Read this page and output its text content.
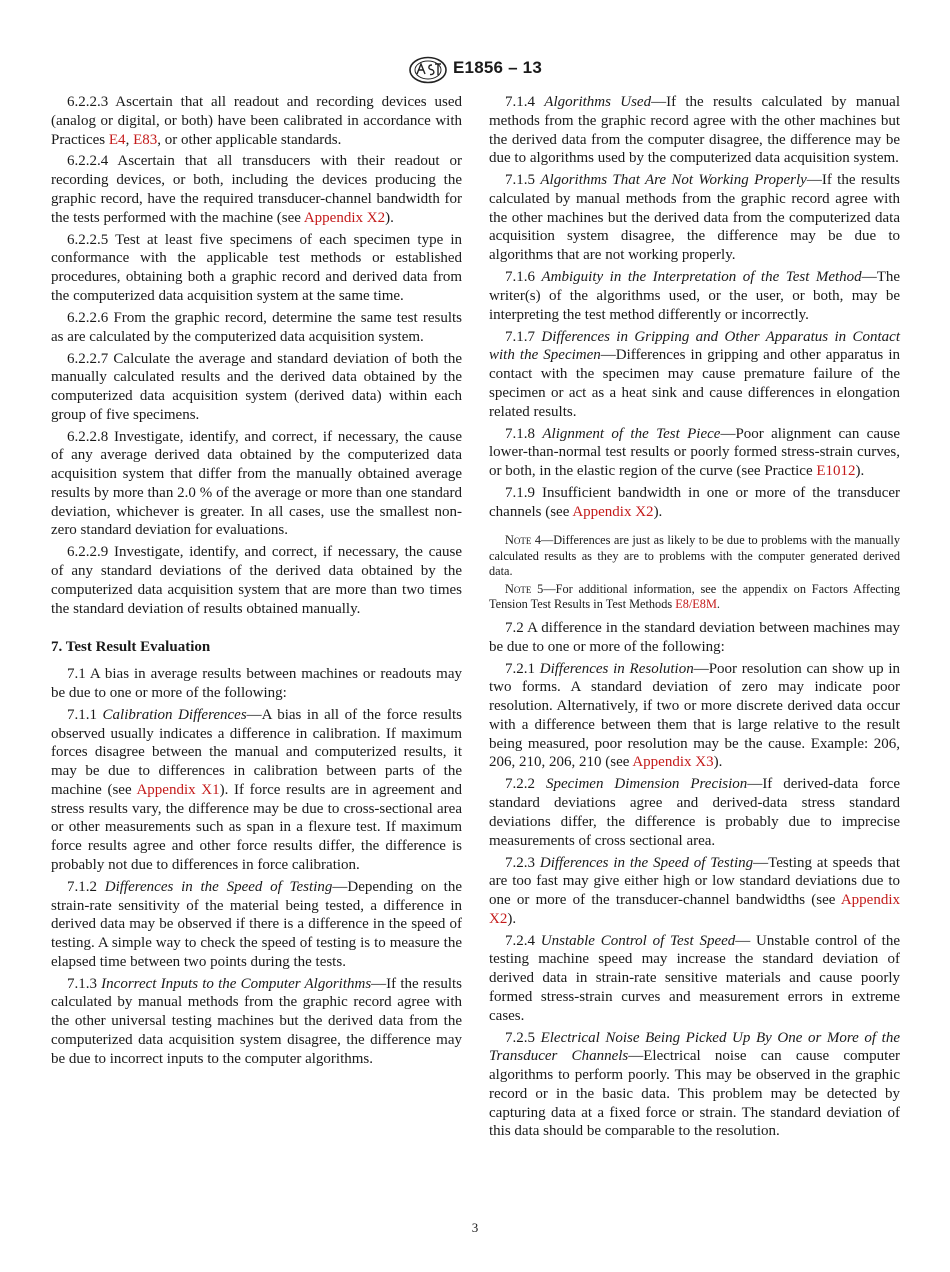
E1856 – 13

6.2.2.3 Ascertain that all readout and recording devices used (analog or digital, or both) have been calibrated in accordance with Practices E4, E83, or other applicable standards.

6.2.2.4 Ascertain that all transducers with their readout or recording devices, or both, including the devices producing the graphic record, have the required transducer-channel bandwidth for the tests performed with the machine (see Appendix X2).

6.2.2.5 Test at least five specimens of each specimen type in conformance with the applicable test methods or established procedures, obtaining both a graphic record and derived data from the computerized data acquisition system at the same time.

6.2.2.6 From the graphic record, determine the same test results as are calculated by the computerized data acquisition system.

6.2.2.7 Calculate the average and standard deviation of both the manually calculated results and the derived data obtained by the computerized data acquisition system (derived data) within each group of five specimens.

6.2.2.8 Investigate, identify, and correct, if necessary, the cause of any average derived data obtained by the computerized data acquisition system that differ from the manually obtained average results by more than 2.0 % of the average or more than one standard deviation, whichever is greater. In all cases, use the smallest non-zero standard deviation for evaluations.

6.2.2.9 Investigate, identify, and correct, if necessary, the cause of any standard deviations of the derived data obtained by the computerized data acquisition system that are more than two times the standard deviation of results obtained manually.

7. Test Result Evaluation

7.1 A bias in average results between machines or readouts may be due to one or more of the following:

7.1.1 Calibration Differences—A bias in all of the force results observed usually indicates a difference in calibration. If maximum forces disagree between the manual and computerized results, it may be due to differences in calibration between parts of the machine (see Appendix X1). If force results are in agreement and stress results vary, the difference may be due to cross-sectional area or other measurements such as span in a flexure test. If maximum force results agree and other force results differ, the difference is probably not due to differences in force calibration.

7.1.2 Differences in the Speed of Testing—Depending on the strain-rate sensitivity of the material being tested, a difference in derived data may be observed if there is a difference in the speed of testing. A simple way to check the speed of testing is to measure the elapsed time between two points during the tests.

7.1.3 Incorrect Inputs to the Computer Algorithms—If the results calculated by manual methods from the graphic record agree with the other universal testing machines but the derived data from the computerized data acquisition system disagree, the difference may be due to incorrect inputs to the computer algorithms.

7.1.4 Algorithms Used—If the results calculated by manual methods from the graphic record agree with the other machines but the derived data from the computer disagree, the difference may be due to algorithms used by the computerized data acquisition system.

7.1.5 Algorithms That Are Not Working Properly—If the results calculated by manual methods from the graphic record agree with the other machines but the derived data from the computerized data acquisition system disagree, the difference may be due to algorithms that are not working properly.

7.1.6 Ambiguity in the Interpretation of the Test Method—The writer(s) of the algorithms used, or the user, or both, may be interpreting the test method differently or incorrectly.

7.1.7 Differences in Gripping and Other Apparatus in Contact with the Specimen—Differences in gripping and other apparatus in contact with the specimen may cause premature failure of the specimen or act as a heat sink and cause differences in elongation related results.

7.1.8 Alignment of the Test Piece—Poor alignment can cause lower-than-normal test results or poorly formed stress-strain curves, or both, in the elastic region of the curve (see Practice E1012).

7.1.9 Insufficient bandwidth in one or more of the transducer channels (see Appendix X2).

Note 4—Differences are just as likely to be due to problems with the manually calculated results as they are to problems with the computer generated derived data.

Note 5—For additional information, see the appendix on Factors Affecting Tension Test Results in Test Methods E8/E8M.

7.2 A difference in the standard deviation between machines may be due to one or more of the following:

7.2.1 Differences in Resolution—Poor resolution can show up in two forms. A standard deviation of zero may indicate poor resolution. Alternatively, if two or more discrete derived data occur with a difference between them that is large relative to the result being measured, poor resolution may be the cause. Example: 206, 206, 210, 206, 210 (see Appendix X3).

7.2.2 Specimen Dimension Precision—If derived-data force standard deviations agree and derived-data stress standard deviations differ, the difference is probably due to imprecise measurements of cross sectional area.

7.2.3 Differences in the Speed of Testing—Testing at speeds that are too fast may give either high or low standard deviations due to one or more of the transducer-channel bandwidths (see Appendix X2).

7.2.4 Unstable Control of Test Speed— Unstable control of the testing machine speed may increase the standard deviation of derived data in strain-rate sensitive materials and cause poorly formed stress-strain curves and measurement errors in extreme cases.

7.2.5 Electrical Noise Being Picked Up By One or More of the Transducer Channels—Electrical noise can cause computer algorithms to perform poorly. This may be observed in the graphic record or in the basic data. This problem may be detected by capturing data at a fixed force or strain. The standard deviation of this data should be comparable to the resolution.

3
